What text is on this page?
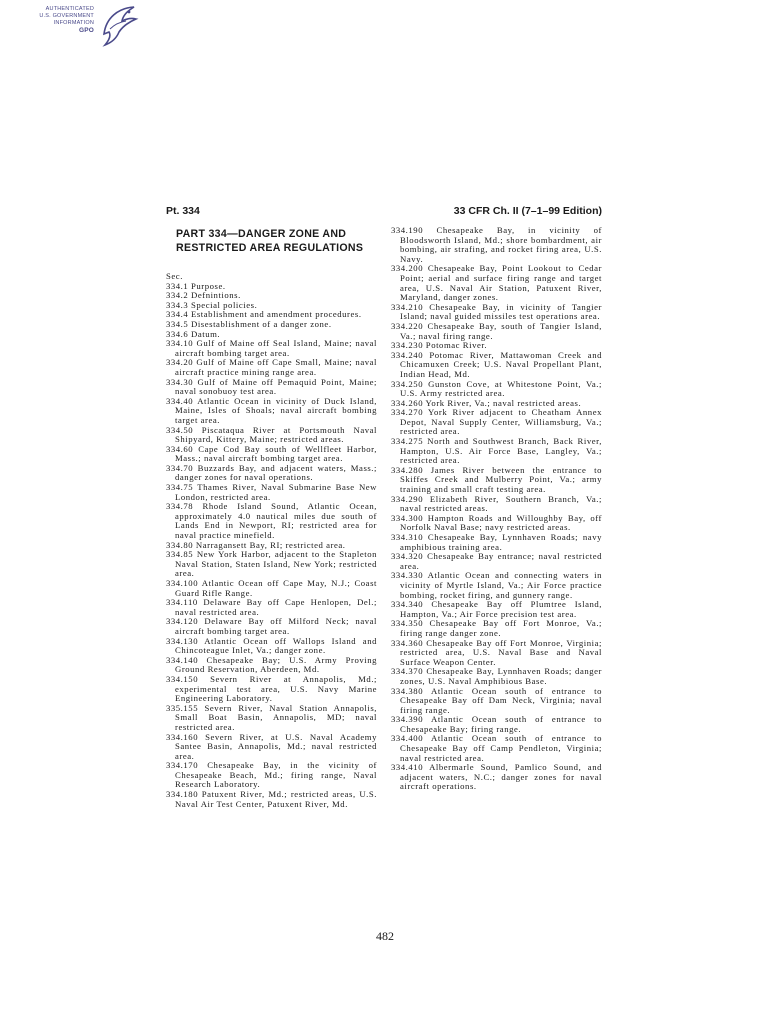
AUTHENTICATED
U.S. GOVERNMENT
INFORMATION
GPO
Pt. 334	33 CFR Ch. II (7–1–99 Edition)
PART 334—DANGER ZONE AND
RESTRICTED AREA REGULATIONS
Sec.
334.1 Purpose.
334.2 Defnintions.
334.3 Special policies.
334.4 Establishment and amendment procedures.
334.5 Disestablishment of a danger zone.
334.6 Datum.
334.10 Gulf of Maine off Seal Island, Maine; naval aircraft bombing target area.
334.20 Gulf of Maine off Cape Small, Maine; naval aircraft practice mining range area.
334.30 Gulf of Maine off Pemaquid Point, Maine; naval sonobuoy test area.
334.40 Atlantic Ocean in vicinity of Duck Island, Maine, Isles of Shoals; naval aircraft bombing target area.
334.50 Piscataqua River at Portsmouth Naval Shipyard, Kittery, Maine; restricted areas.
334.60 Cape Cod Bay south of Wellfleet Harbor, Mass.; naval aircraft bombing target area.
334.70 Buzzards Bay, and adjacent waters, Mass.; danger zones for naval operations.
334.75 Thames River, Naval Submarine Base New London, restricted area.
334.78 Rhode Island Sound, Atlantic Ocean, approximately 4.0 nautical miles due south of Lands End in Newport, RI; restricted area for naval practice minefield.
334.80 Narragansett Bay, RI; restricted area.
334.85 New York Harbor, adjacent to the Stapleton Naval Station, Staten Island, New York; restricted area.
334.100 Atlantic Ocean off Cape May, N.J.; Coast Guard Rifle Range.
334.110 Delaware Bay off Cape Henlopen, Del.; naval restricted area.
334.120 Delaware Bay off Milford Neck; naval aircraft bombing target area.
334.130 Atlantic Ocean off Wallops Island and Chincoteague Inlet, Va.; danger zone.
334.140 Chesapeake Bay; U.S. Army Proving Ground Reservation, Aberdeen, Md.
334.150 Severn River at Annapolis, Md.; experimental test area, U.S. Navy Marine Engineering Laboratory.
335.155 Severn River, Naval Station Annapolis, Small Boat Basin, Annapolis, MD; naval restricted area.
334.160 Severn River, at U.S. Naval Academy Santee Basin, Annapolis, Md.; naval restricted area.
334.170 Chesapeake Bay, in the vicinity of Chesapeake Beach, Md.; firing range, Naval Research Laboratory.
334.180 Patuxent River, Md.; restricted areas, U.S. Naval Air Test Center, Patuxent River, Md.
334.190 Chesapeake Bay, in vicinity of Bloodsworth Island, Md.; shore bombardment, air bombing, air strafing, and rocket firing area, U.S. Navy.
334.200 Chesapeake Bay, Point Lookout to Cedar Point; aerial and surface firing range and target area, U.S. Naval Air Station, Patuxent River, Maryland, danger zones.
334.210 Chesapeake Bay, in vicinity of Tangier Island; naval guided missiles test operations area.
334.220 Chesapeake Bay, south of Tangier Island, Va.; naval firing range.
334.230 Potomac River.
334.240 Potomac River, Mattawoman Creek and Chicamuxen Creek; U.S. Naval Propellant Plant, Indian Head, Md.
334.250 Gunston Cove, at Whitestone Point, Va.; U.S. Army restricted area.
334.260 York River, Va.; naval restricted areas.
334.270 York River adjacent to Cheatham Annex Depot, Naval Supply Center, Williamsburg, Va.; restricted area.
334.275 North and Southwest Branch, Back River, Hampton, U.S. Air Force Base, Langley, Va.; restricted area.
334.280 James River between the entrance to Skiffes Creek and Mulberry Point, Va.; army training and small craft testing area.
334.290 Elizabeth River, Southern Branch, Va.; naval restricted areas.
334.300 Hampton Roads and Willoughby Bay, off Norfolk Naval Base; navy restricted areas.
334.310 Chesapeake Bay, Lynnhaven Roads; navy amphibious training area.
334.320 Chesapeake Bay entrance; naval restricted area.
334.330 Atlantic Ocean and connecting waters in vicinity of Myrtle Island, Va.; Air Force practice bombing, rocket firing, and gunnery range.
334.340 Chesapeake Bay off Plumtree Island, Hampton, Va.; Air Force precision test area.
334.350 Chesapeake Bay off Fort Monroe, Va.; firing range danger zone.
334.360 Chesapeake Bay off Fort Monroe, Virginia; restricted area, U.S. Naval Base and Naval Surface Weapon Center.
334.370 Chesapeake Bay, Lynnhaven Roads; danger zones, U.S. Naval Amphibious Base.
334.380 Atlantic Ocean south of entrance to Chesapeake Bay off Dam Neck, Virginia; naval firing range.
334.390 Atlantic Ocean south of entrance to Chesapeake Bay; firing range.
334.400 Atlantic Ocean south of entrance to Chesapeake Bay off Camp Pendleton, Virginia; naval restricted area.
334.410 Albermarle Sound, Pamlico Sound, and adjacent waters, N.C.; danger zones for naval aircraft operations.
482
